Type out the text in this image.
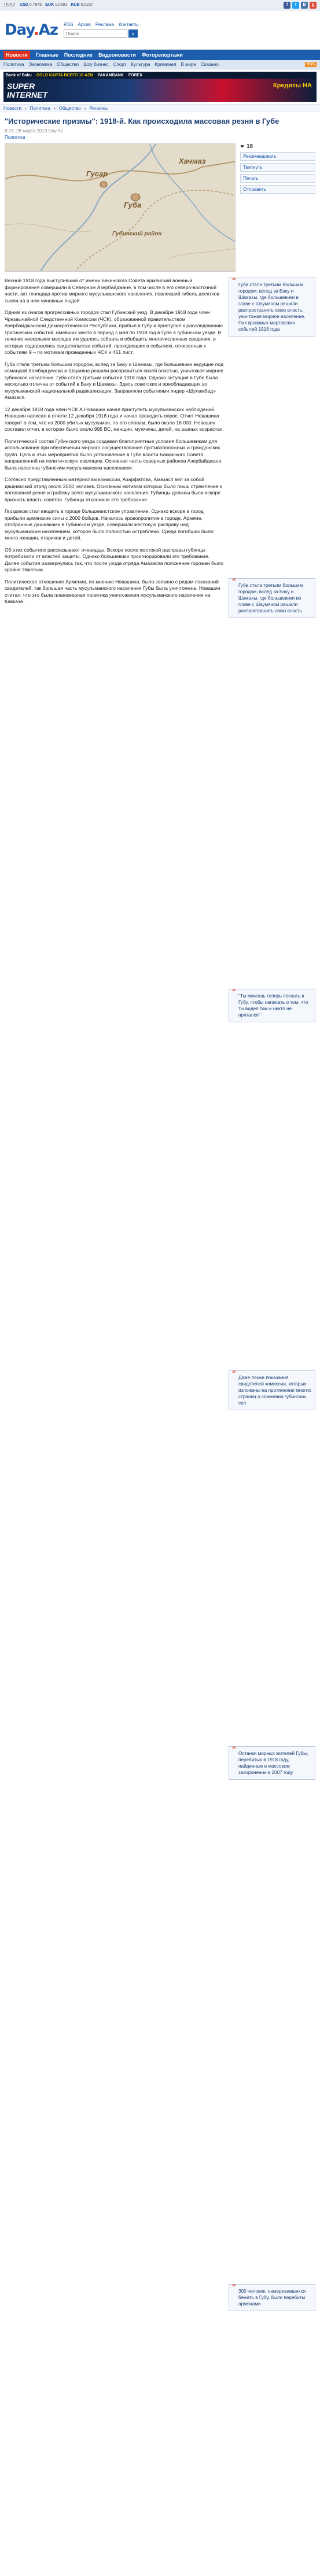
15:52 USD 0.7845 EUR 1.0391 RUB 0.0237	f	t	В	g
Day.Az RSS Архив Реклама Контакты
Поиск
»
Новости	Главные Последние Видеоновости Фоторепортажи
Политика Экономика Общество Шоу бизнес Спорт Культура Криминал В мире Сказано	RSS
Bank of Baku GOLD KARTA ВСЕГО 10 AZN PAKAMBANK FOREX
SUPER
INTERNET
Кредиты НА
Новости › Политика › Общество › Регионы
"Исторические призмы": 1918-й. Как происходила массовая резня в Губе
8:23, 28 марта 2013 Day.Az
Политика
Гусар
Губа
Хачмаз
Губинский район
❤ 18
Рекомендовать
Твитнуть
Печать
Отправить

Весной 1918 года выступивший от имени Бакинского Совета армянский военный формирования совершили в Северном Азербайджане, в том числе в его северо-восточной части, акт геноцида против мирного мусульманского населения, повлекший гибель десятков тысяч на в нем чиновных людей.

Одним из очагов прогрессивных городов стал Губинский уезд. В декабре 1918 года член Чрезвычайной Следственной Комиссии (ЧСК), образованной правительством Азербайджанской Демократической Республики, прибыл в Губу и приступил к расследованию трагических событий, имевших место в период с мая по 1918 год в Губе в губинском уезде. В течение нескольких месяцев им удалось собрать и обобщить многочисленные сведения, в которых содержались свидетельства событий, проходивших в событиях, отнесенных к событиям 9 – по мотивам проведенных ЧСК и 451 лист.

Губа стала третьим большим городом, вслед за Баку и Шамахы, где большевики ведущие под командой Хамбарцумова и Шаумяна решили расправиться своей властью, уничтожая мирное губинское население. Губа стала третьим событий 1918 года. Однако ситуация в Губе была несколько отлична от событий в Баку и Шамахы. Здесь советских и преобладающих во мусульманской национальной радикализации. Заправляли событиями лидер «Шуламбад» Амазасп.

12 декабря 1918 года член ЧСК А.Новашин начал приступить мусульманских наблюдений. Новашин написал в отчете 12 декабря 1918 года и начал проводить опрос. Отчет Новашина говорит о том, что из 2000 убитых мусульман, по его словам, было около 16 000. Новашин составил отчет, в котором было около 995 ВС, женщин, мужчины, детей, на разных возрастах.

Политический состав Губинского уезда создавал благоприятные условия большевикам для использования при обеспечении мирного сосуществования противоположных и гражданских групп. Целью этих мероприятий было установление в Губе власти Бакинского Совета, направленной на политическую изоляцию. Основная часть северных районов Азербайджана была населена губинским мусульманским населением.

Согласно представленным материалам комиссии, Азарфатова, Амазасп вел за собой дашнакский отряд около 2000 человек. Основным мотивом которых было лишь стремление к поголовной резне и грабежу всего мусульманского населения. Губинцы должны были вскоре признать власть советов. Губинцы отклонили это требование.

Гвоздиков стал вводить в городе большевистское управление. Однако вскоре в город прибыли армянские силы с 2000 бойцов. Началось кровопролитие в городе. Армяне, отобранные дашнаками в Губинском уезде, совершили жестокую расправу над мусульманским населением, которое было полностью истреблено. Среди погибших было много женщин, стариков и детей.

Об этих событиях рассказывают очевидцы. Вскоре после жестокой расправы губинцы потребовали от властей защиты. Однако большевики проигнорировали это требование. Далее события развернулись так, что после ухода отряда Амазаспа положение горожан было крайне тяжелым.

Политическое отношение Армении, по мнению Новашина, было связано с рядом показаний свидетелей, так большая часть мусульманского населения Губы была уничтожена. Новашин считал, что это была планомерная политика уничтожения мусульманского населения на Кавказе.

“ Губа стала третьим большим городом, вслед за Баку и Шамахы, где большевики в главе с Шаумяном решили распространить свою власть, уничтожая мирное население. Пик кровавых мартовских событий 1918 года
“ Губа стала третьим большим городом, вслед за Баку и Шамахы, где большевики во главе с Шаумяном решили распространить свою власть
“ "Ты можешь теперь поехать в Губу, чтобы написать о том, что ты видел там и никто не прятался"
“ Даже позже показания свидетелей комиссии, которые изложены на протяжении многих страниц о сожжении губинских сел
“ Останки мирных жителей Губы, перебитых в 1918 году, найденные в массовом захоронении в 2007 году
“ 300 человек, намеревавшихся бежать в Губу, были перебиты армянами
